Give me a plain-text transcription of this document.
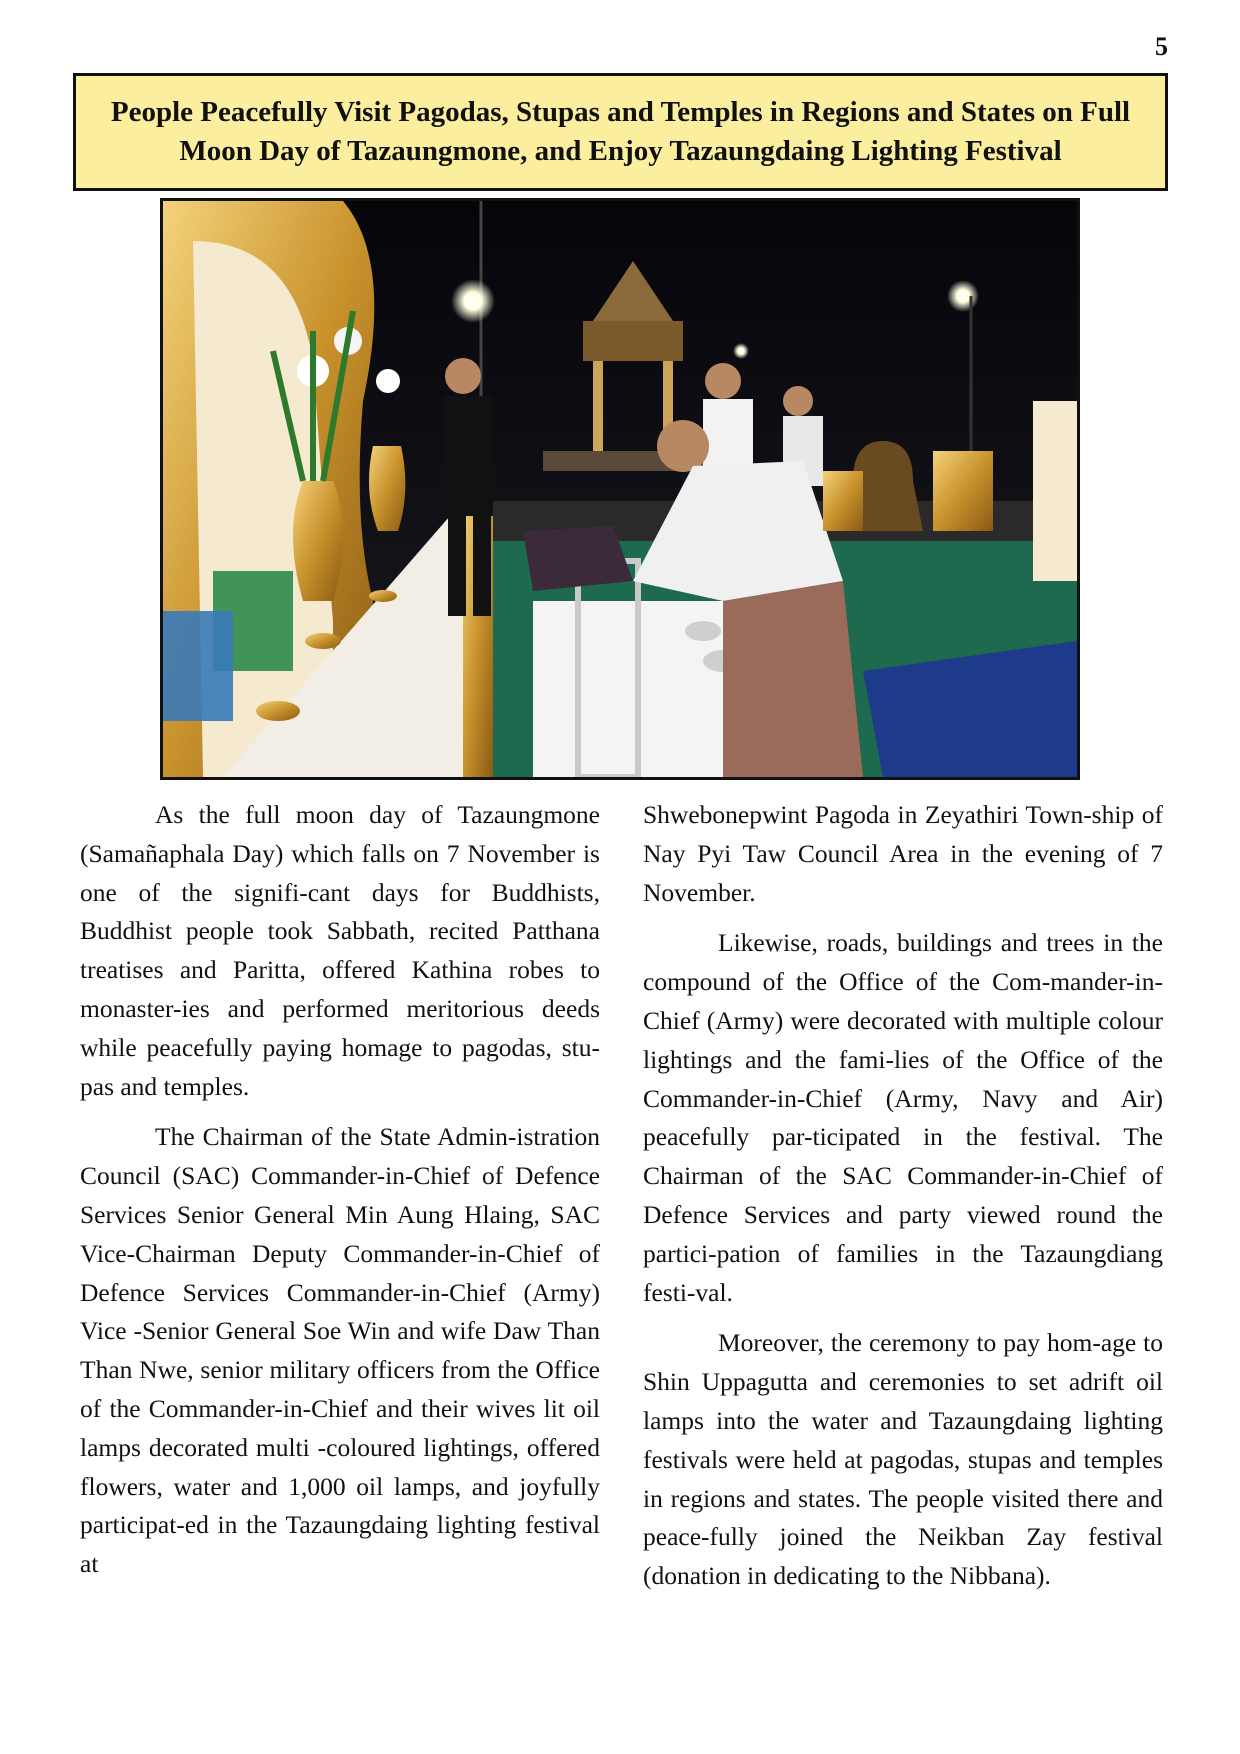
5
People Peacefully Visit Pagodas, Stupas and Temples in Regions and States on Full Moon Day of Tazaungmone, and Enjoy Tazaungdaing Lighting Festival

As the full moon day of Tazaungmone (Samañaphala Day) which falls on 7 November is one of the signifi-cant days for Buddhists, Buddhist people took Sabbath, recited Patthana treatises and Paritta, offered Kathina robes to monaster-ies and performed meritorious deeds while peacefully paying homage to pagodas, stu-pas and temples.

The Chairman of the State Admin-istration Council (SAC) Commander-in-Chief of Defence Services Senior General Min Aung Hlaing, SAC Vice-Chairman Deputy Commander-in-Chief of Defence Services Commander-in-Chief (Army) Vice -Senior General Soe Win and wife Daw Than Than Nwe, senior military officers from the Office of the Commander-in-Chief and their wives lit oil lamps decorated multi -coloured lightings, offered flowers, water and 1,000 oil lamps, and joyfully participat-ed in the Tazaungdaing lighting festival at

Shwebonepwint Pagoda in Zeyathiri Town-ship of Nay Pyi Taw Council Area in the evening of 7 November.

Likewise, roads, buildings and trees in the compound of the Office of the Com-mander-in-Chief (Army) were decorated with multiple colour lightings and the fami-lies of the Office of the Commander-in-Chief (Army, Navy and Air) peacefully par-ticipated in the festival. The Chairman of the SAC Commander-in-Chief of Defence Services and party viewed round the partici-pation of families in the Tazaungdiang festi-val.

Moreover, the ceremony to pay hom-age to Shin Uppagutta and ceremonies to set adrift oil lamps into the water and Tazaungdaing lighting festivals were held at pagodas, stupas and temples in regions and states. The people visited there and peace-fully joined the Neikban Zay festival (donation in dedicating to the Nibbana).
